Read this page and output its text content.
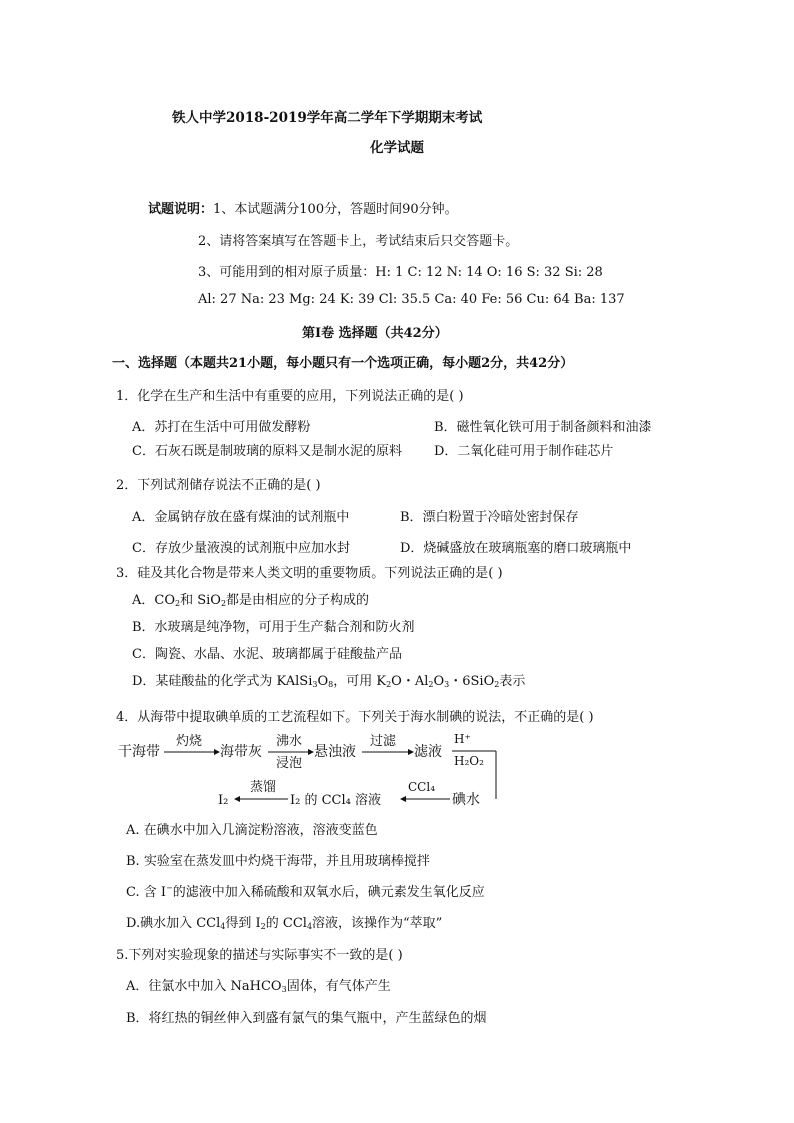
铁人中学2018-2019学年高二学年下学期期末考试
化学试题
试题说明：1、本试题满分100分，答题时间90分钟。
2、请将答案填写在答题卡上，考试结束后只交答题卡。
3、可能用到的相对原子质量：H: 1 C: 12 N: 14 O: 16 S: 32 Si: 28
Al: 27 Na: 23 Mg: 24 K: 39 Cl: 35.5 Ca: 40 Fe: 56 Cu: 64 Ba: 137
第Ⅰ卷 选择题（共42分）
一、选择题（本题共21小题，每小题只有一个选项正确，每小题2分，共42分）
1．化学在生产和生活中有重要的应用，下列说法正确的是( )
A．苏打在生活中可用做发酵粉	B．磁性氧化铁可用于制备颜料和油漆
C．石灰石既是制玻璃的原料又是制水泥的原料 D．二氧化硅可用于制作硅芯片
2．下列试剂储存说法不正确的是( )
A．金属钠存放在盛有煤油的试剂瓶中	B．漂白粉置于冷暗处密封保存
C．存放少量液溴的试剂瓶中应加水封	D．烧碱盛放在玻璃瓶塞的磨口玻璃瓶中
3．硅及其化合物是带来人类文明的重要物质。下列说法正确的是( )
A．$CO_2$和 SiO$_2$都是由相应的分子构成的
B．水玻璃是纯净物，可用于生产黏合剂和防火剂
C．陶瓷、水晶、水泥、玻璃都属于硅酸盐产品
D．某硅酸盐的化学式为 $KAlSi_3O_8$，可用 $K_2O$・$Al_2O_3$・6SiO$_2$表示
4．从海带中提取碘单质的工艺流程如下。下列关于海水制碘的说法，不正确的是( )
干海带
灼烧
海带灰
沸水
浸泡
悬浊液
过滤
滤液
H⁺
H₂O₂
碘水
CCl₄
I₂ 的 CCl₄ 溶液
蒸馏
I₂
A. 在碘水中加入几滴淀粉溶液，溶液变蓝色
B. 实验室在蒸发皿中灼烧干海带，并且用玻璃棒搅拌
C. 含 I−的滤液中加入稀硫酸和双氧水后，碘元素发生氧化反应
D.碘水加入 CCl$_4$得到 $I_2$的 CCl$_4$溶液，该操作为“萃取”
5.下列对实验现象的描述与实际事实不一致的是( )
A．往氯水中加入 NaHCO$_3$固体，有气体产生
B．将红热的铜丝伸入到盛有氯气的集气瓶中，产生蓝绿色的烟
